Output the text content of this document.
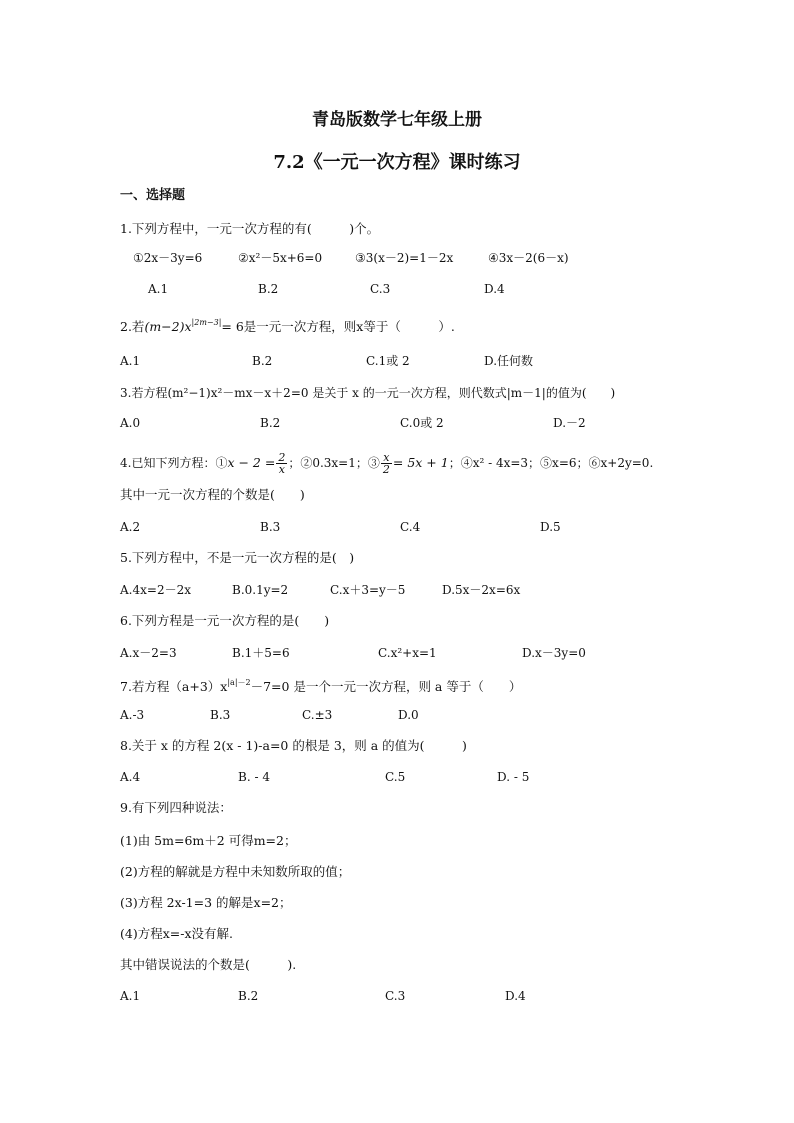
青岛版数学七年级上册
7.2《一元一次方程》课时练习
一、选择题
1.下列方程中，一元一次方程的有(　　　)个。
①2x－3y=6	②x²－5x+6=0	③3(x－2)=1－2x	④3x－2(6－x)
A.1	B.2	C.3	D.4
2.若$(m-2)x^{|2m-3|}= 6$是一元一次方程，则x等于（　　　）.
A.1	B.2	C.1或 2	D.任何数
3.若方程(m²−1)x²－mx－x＋2=0 是关于 x 的一元一次方程，则代数式|m－1|的值为(　　)
A.0	B.2	C.0或 2	D.－2
4.已知下列方程：①x − $2 = \frac{2}{x}$ ；②0.3x=1；③ $\frac{x}{2} = 5x + 1$；④x² - 4x=3；⑤x=6；⑥x+2y=0.
其中一元一次方程的个数是(　　)
A.2	B.3	C.4	D.5
5.下列方程中，不是一元一次方程的是(　)
A.4x=2－2x	B.0.1y=2	C.x＋3=y－5	D.5x－2x=6x
6.下列方程是一元一次方程的是(　　)
A.x－2=3	B.1＋5=6	C.x²+x=1	D.x－3y=0
7.若方程$(a+3)x^{|a|-2}-7=0$ 是一个一元一次方程，则 a 等于（　　）
A.-3	B.3	C.±3	D.0
8.关于 x 的方程 2(x - 1)-a=0 的根是 3，则 a 的值为(　　　)
A.4	B. - 4	C.5	D. - 5
9.有下列四种说法：
(1)由 5m=6m＋2 可得m=2；
(2)方程的解就是方程中未知数所取的值；
(3)方程 2x-1=3 的解是x=2；
(4)方程x=-x没有解.
其中错误说法的个数是(　　　).
A.1	B.2	C.3	D.4
